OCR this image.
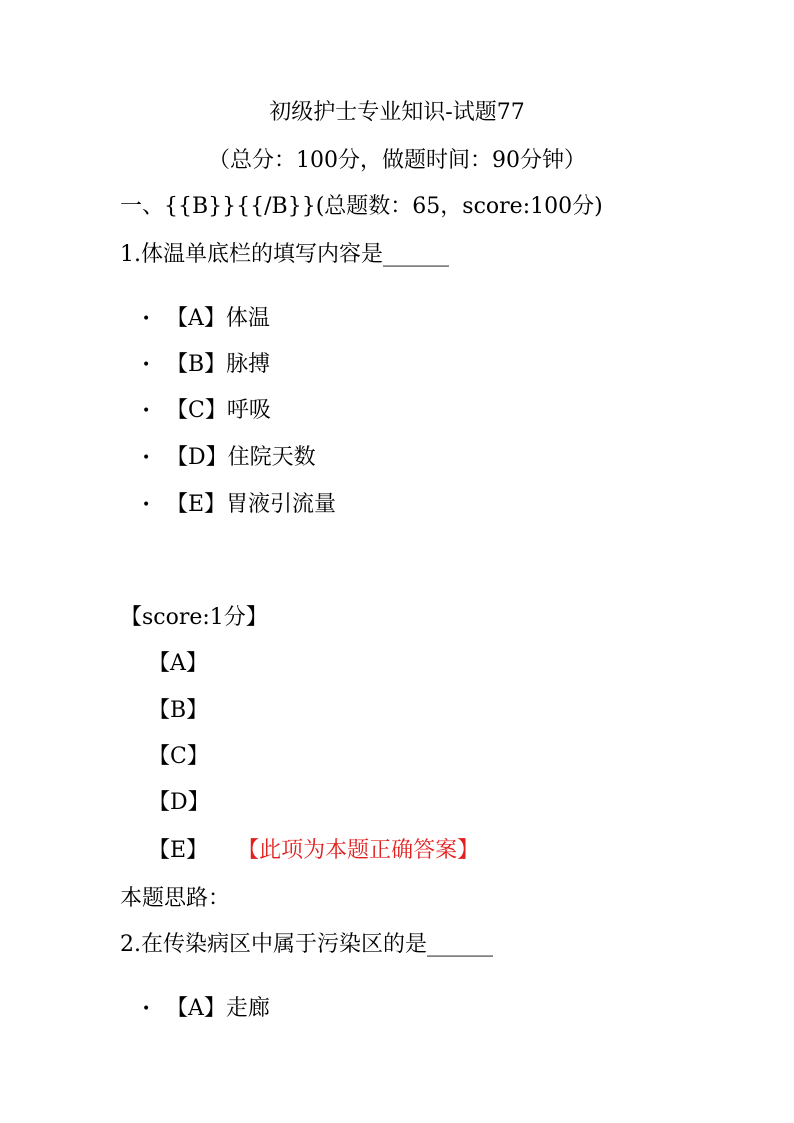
初级护士专业知识-试题77
（总分：100分，做题时间：90分钟）
一、{{B}}{{/B}}(总题数：65，score:100分)
1.体温单底栏的填写内容是______
• 【A】体温
• 【B】脉搏
• 【C】呼吸
• 【D】住院天数
• 【E】胃液引流量
【score:1分】
【A】
【B】
【C】
【D】
【E】 【此项为本题正确答案】
本题思路：
2.在传染病区中属于污染区的是______
• 【A】走廊
